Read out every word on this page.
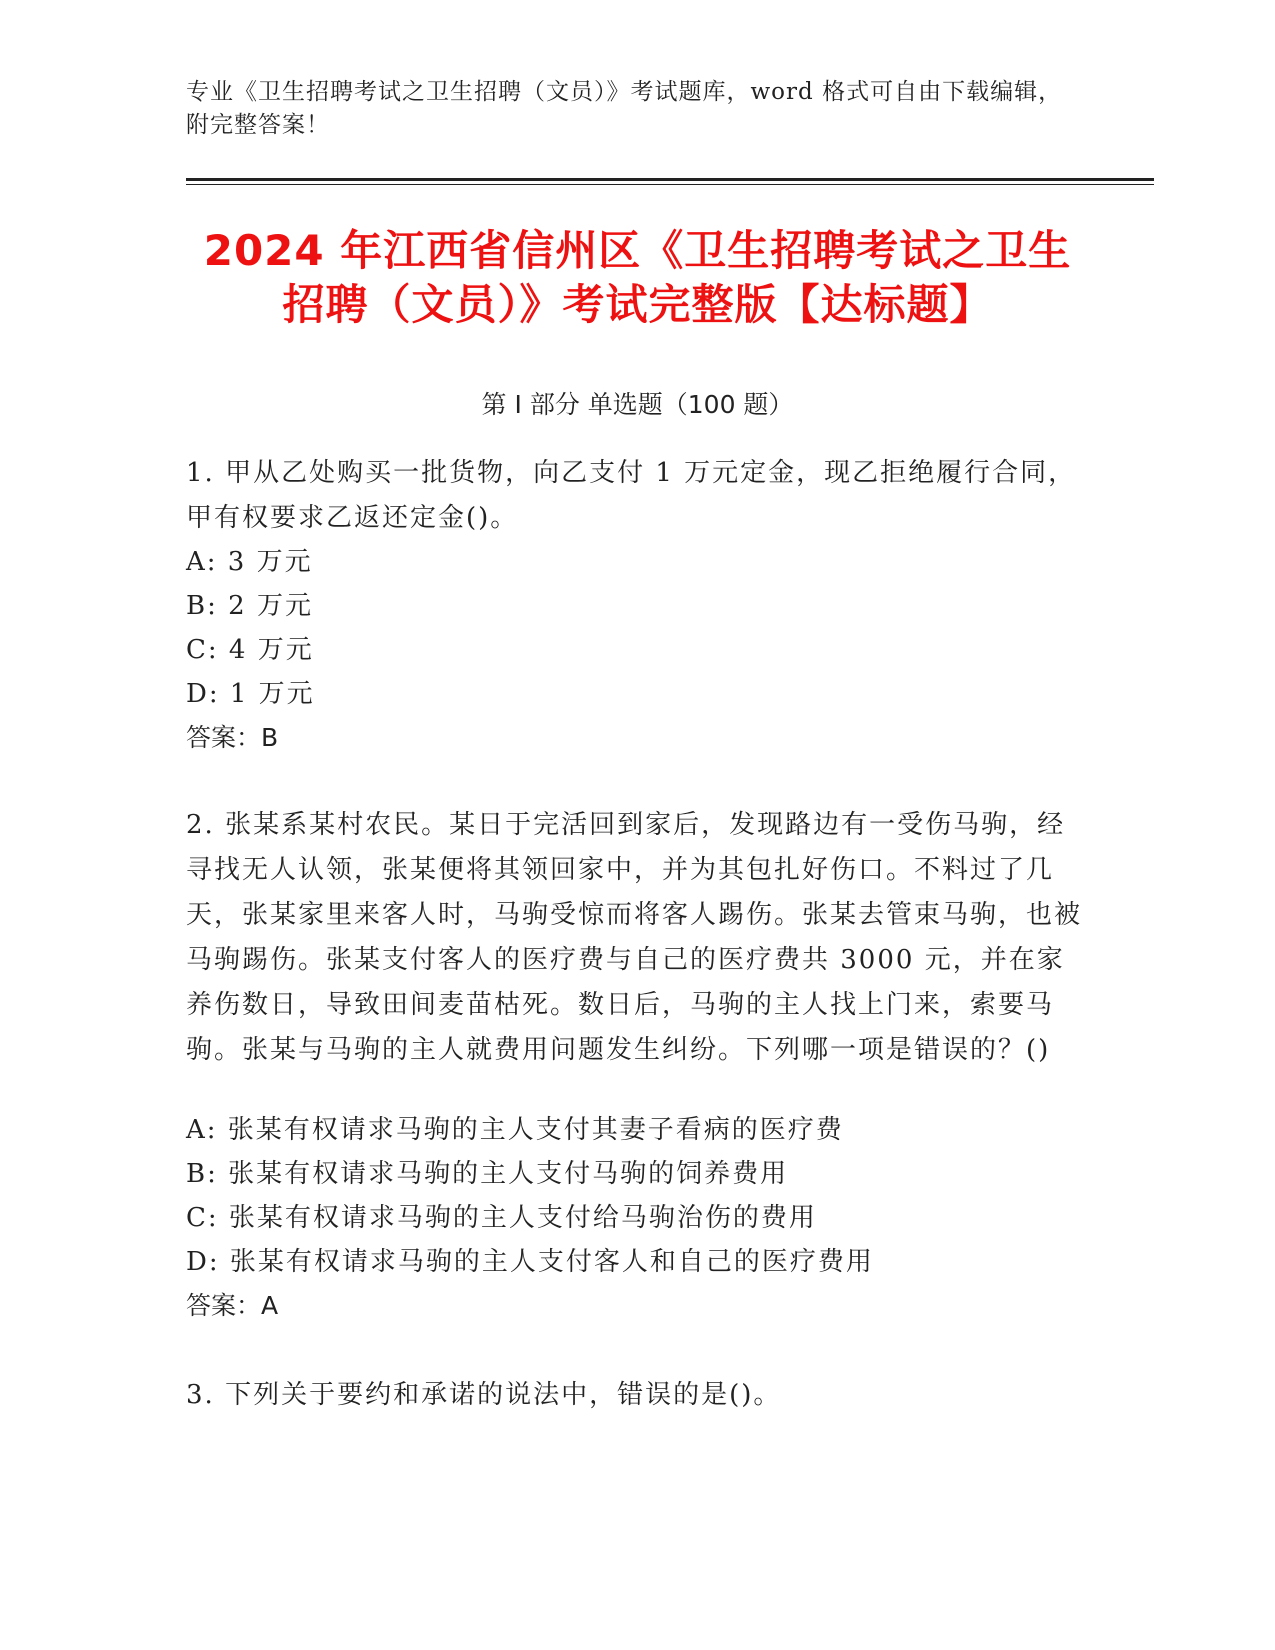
专业《卫生招聘考试之卫生招聘（文员）》考试题库，word 格式可自由下载编辑，附完整答案！
2024 年江西省信州区《卫生招聘考试之卫生招聘（文员）》考试完整版【达标题】
第 I 部分 单选题（100 题）
1. 甲从乙处购买一批货物，向乙支付 1 万元定金，现乙拒绝履行合同，甲有权要求乙返还定金()。
A: 3 万元
B: 2 万元
C: 4 万元
D: 1 万元
答案：B
2. 张某系某村农民。某日于完活回到家后，发现路边有一受伤马驹，经寻找无人认领，张某便将其领回家中，并为其包扎好伤口。不料过了几天，张某家里来客人时，马驹受惊而将客人踢伤。张某去管束马驹，也被马驹踢伤。张某支付客人的医疗费与自己的医疗费共 3000 元，并在家养伤数日，导致田间麦苗枯死。数日后，马驹的主人找上门来，索要马驹。张某与马驹的主人就费用问题发生纠纷。下列哪一项是错误的？()
A: 张某有权请求马驹的主人支付其妻子看病的医疗费
B: 张某有权请求马驹的主人支付马驹的饲养费用
C: 张某有权请求马驹的主人支付给马驹治伤的费用
D: 张某有权请求马驹的主人支付客人和自己的医疗费用
答案：A
3. 下列关于要约和承诺的说法中，错误的是()。
